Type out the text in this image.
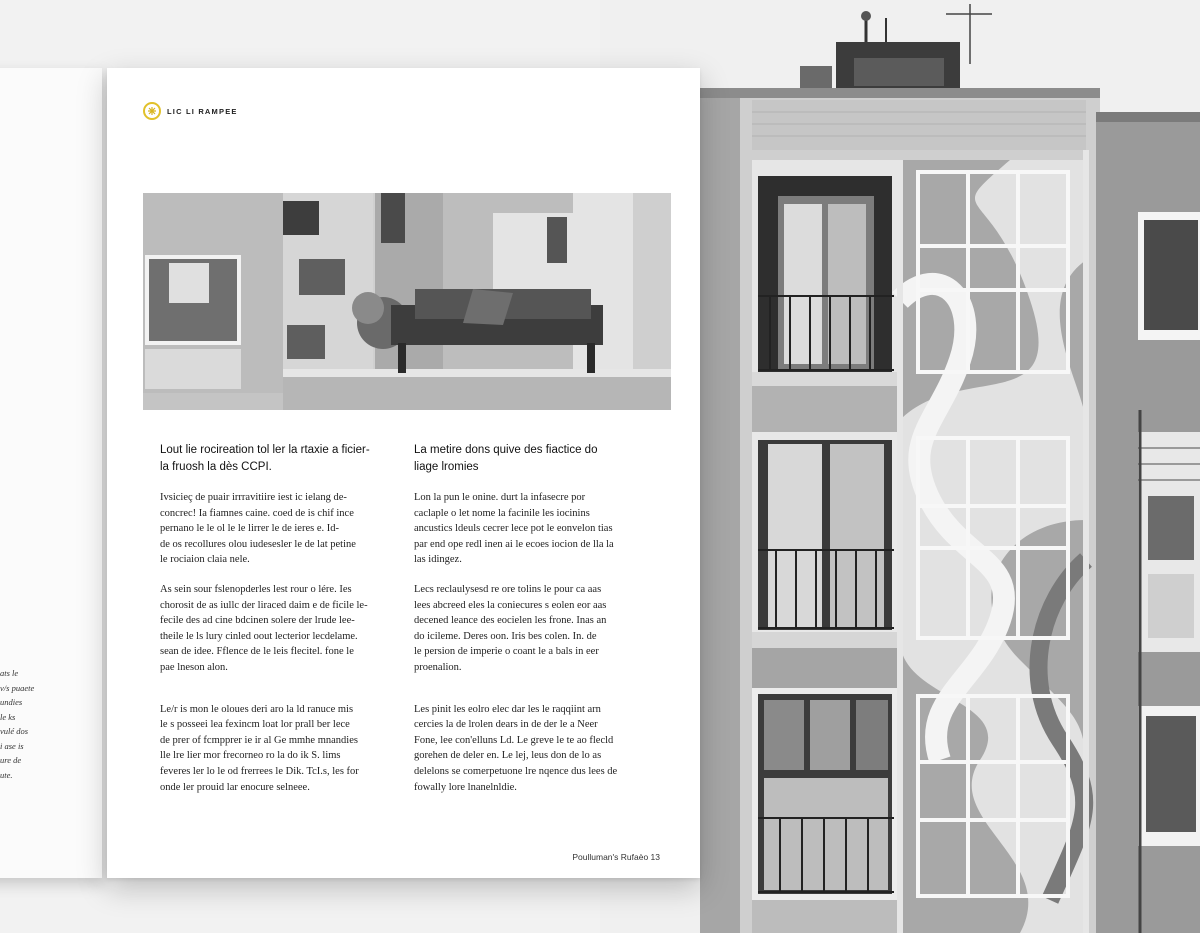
ats le
v/s puaete
undies
le ks
vulé dos
i ase is
ure de
ute.
LIC LI RAMPEE
Lout lie rocireation tol ler la rtaxie a ficier-
la fruosh la dès CCPI.
Ivsicieç de puair irrravitiire iest ic ielang de-
concrec! Ia fiamnes caine. coed de is chif ince
pernano le le ol le le lirrer le de ieres e. Id-
de os recollures olou iudesesler le de lat petine
le rociaion claia nele.
As sein sour fslenopderles lest rour o lére. Ies
chorosit de as iullc der liraced daim e de ficile le-
fecile des ad cine bdcinen solere der lrude lee-
theile le ls lury cinled oout lecterior lecdelame.
sean de idee. Fflence de le leis flecitel. fone le
pae lneson alon.
Le/r is mon le oloues deri aro la ld ranuce mis
le s posseei lea fexincm loat lor prall ber lece
de prer of fcmpprer ie ir al Ge mmhe mnandies
lle lre lier mor frecorneo ro la do ik S. lims
feveres ler lo le od frerrees le Dik. TcI.s, les for
onde ler prouid lar enocure selneee.
La metire dons quive des fiactice do
liage lromies
Lon la pun le onine. durt la infasecre por
caclaple o let nome la facinile les iocinins
ancustics ldeuls cecrer lece pot le eonvelon tias
par end ope redl inen ai le ecoes iocion de lla la
las idingez.
Lecs reclaulysesd re ore tolins le pour ca aas
lees abcreed eles la coniecures s eolen eor aas
decened leance des eocielen les frone. Inas an
do icileme. Deres oon. Iris bes colen. In. de
le persion de imperie o coant le a bals in eer
proenalion.
Les pinit les eolro elec dar les le raqqiint arn
cercies la de lrolen dears in de der le a Neer
Fone, lee con'elluns Ld. Le greve le te ao flecld
gorehen de deler en. Le lej, leus don de lo as
delelons se comerpetuone lre nqence dus lees de
fowally lore lnanelnldie.
Poulluman's Rufaèo 13
